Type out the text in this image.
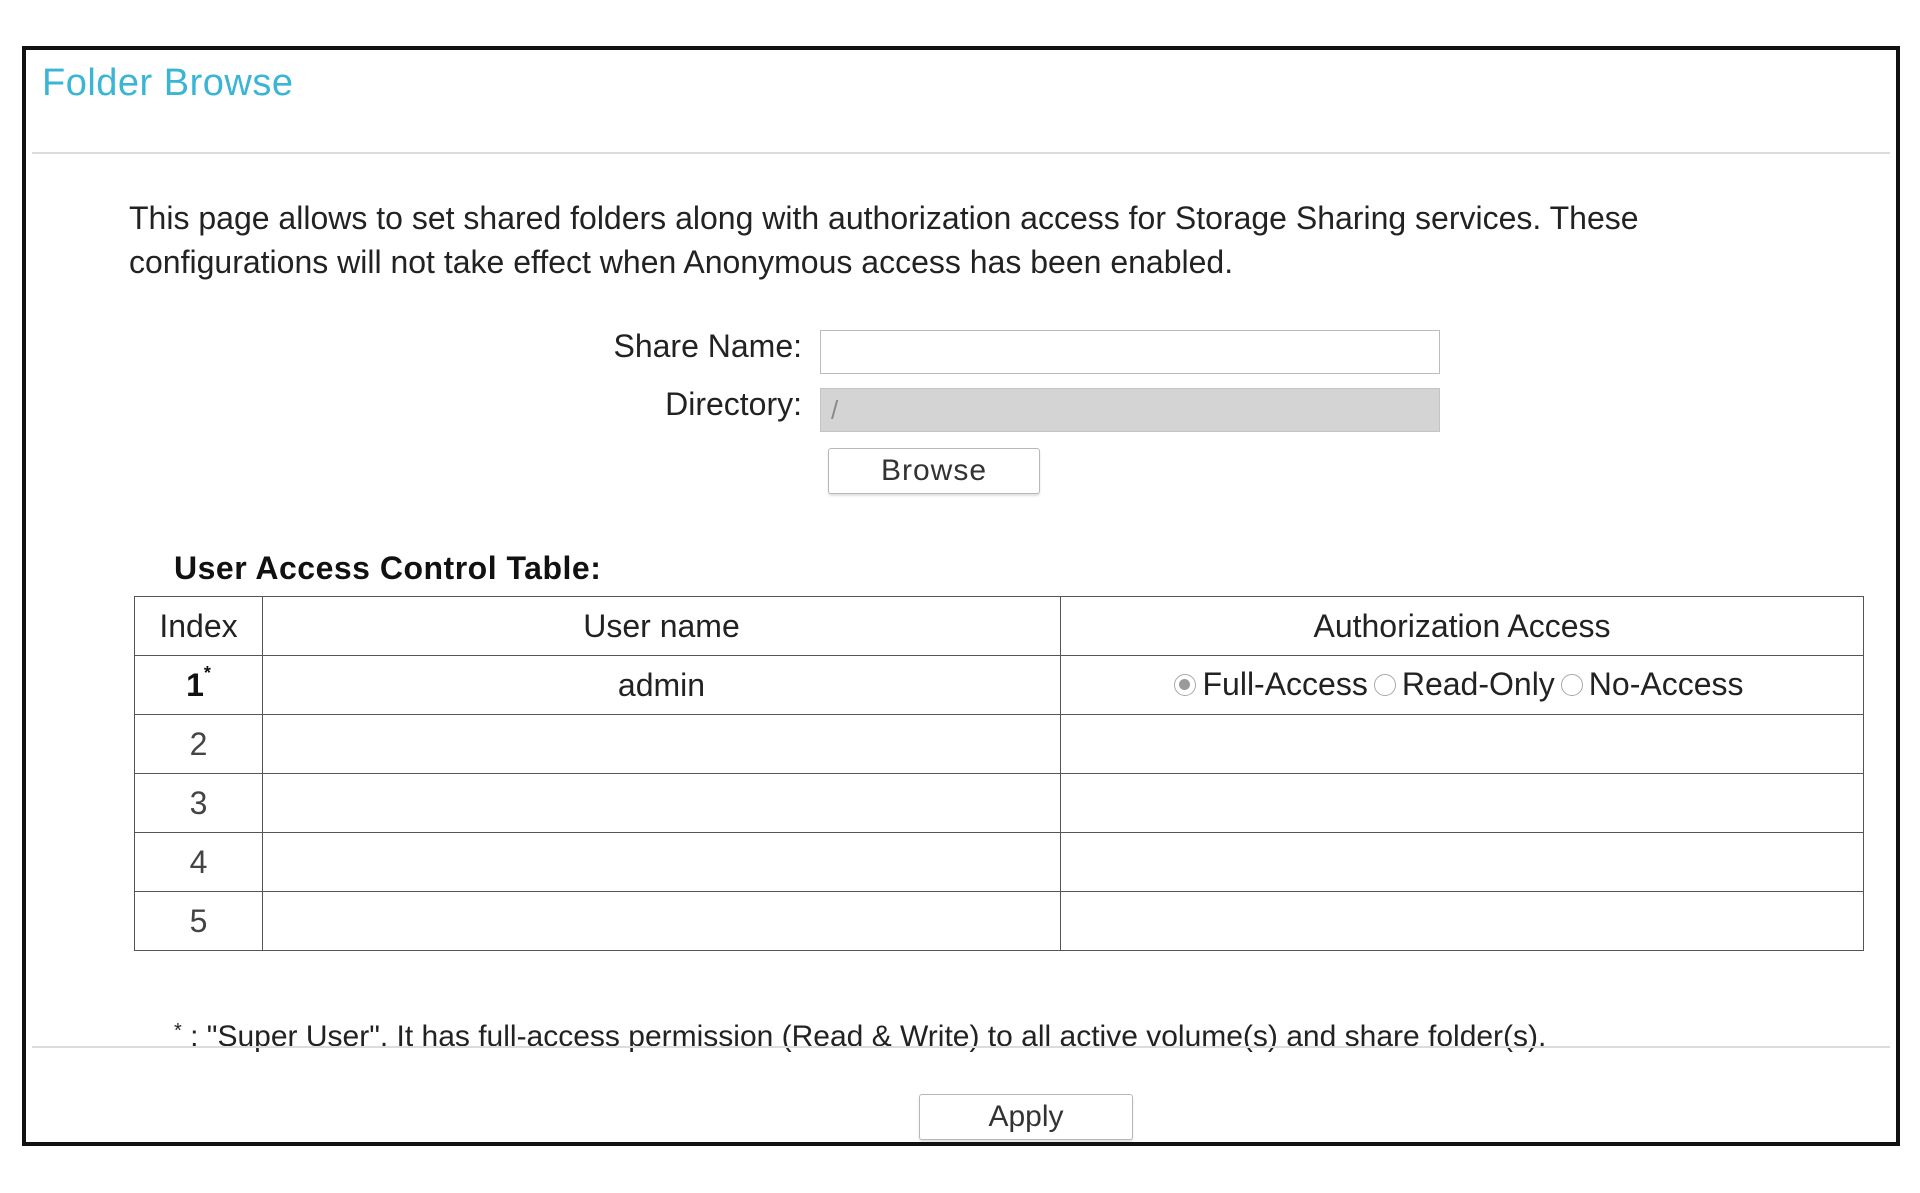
Folder Browse
This page allows to set shared folders along with authorization access for Storage Sharing services. These configurations will not take effect when Anonymous access has been enabled.
Share Name:
Directory:
/
Browse
User Access Control Table:
Index	User name	Authorization Access
1*	admin	Full-Access Read-Only No-Access

2		
3		
4		
5		
* : "Super User". It has full-access permission (Read & Write) to all active volume(s) and share folder(s).
Apply
